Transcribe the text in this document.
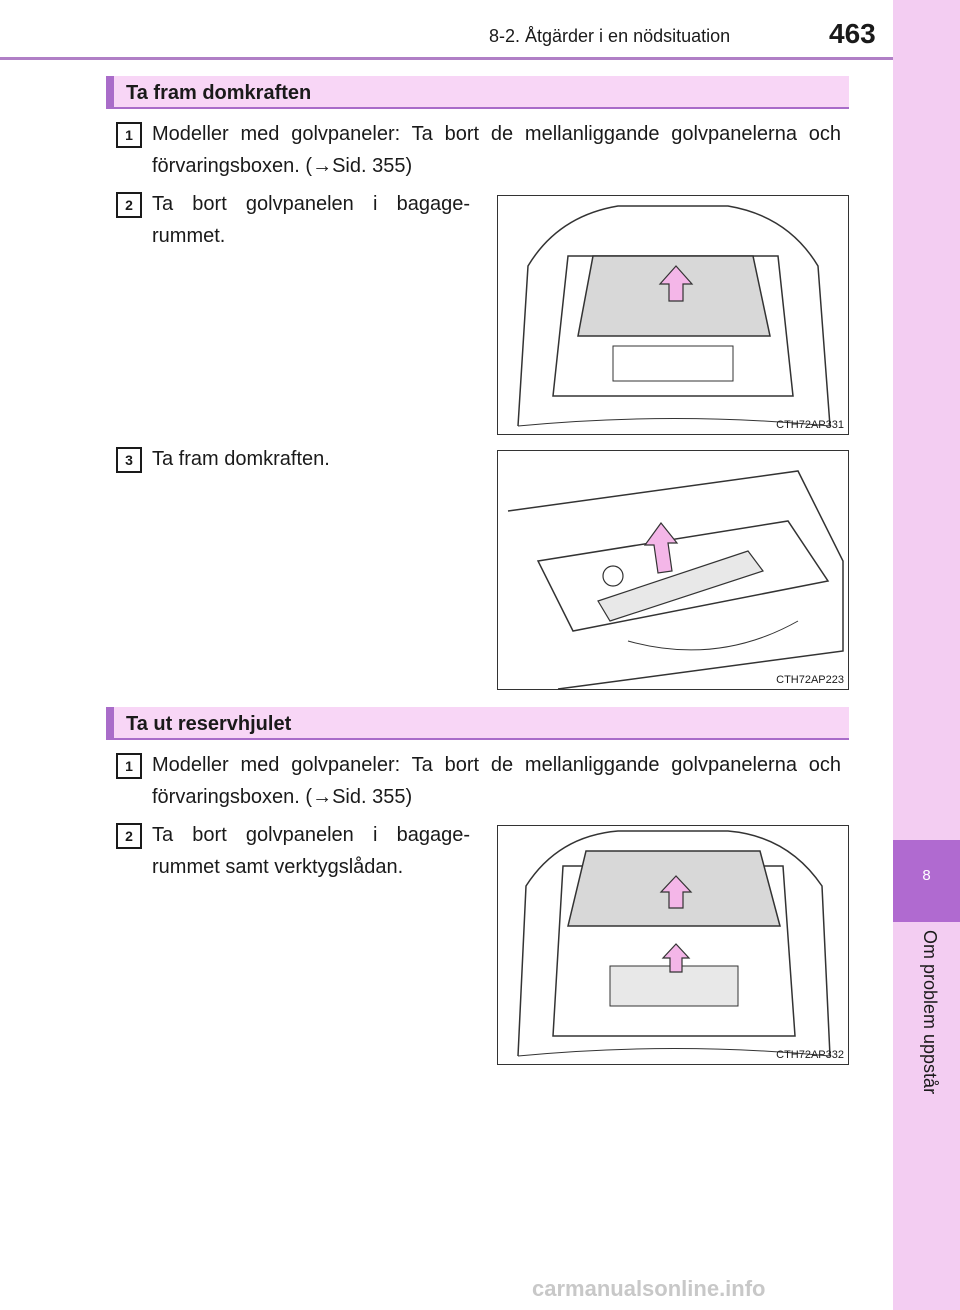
8-2. Åtgärder i en nödsituation	463
8
Om problem uppstår
Ta fram domkraften
1 Modeller med golvpaneler: Ta bort de mellanliggande golvpanelerna och förvaringsboxen. (→Sid. 355)
2 Ta bort golvpanelen i bagagerummet.
CTH72AP331
3 Ta fram domkraften.
CTH72AP223
Ta ut reservhjulet
1 Modeller med golvpaneler: Ta bort de mellanliggande golvpanelerna och förvaringsboxen. (→Sid. 355)
2 Ta bort golvpanelen i bagagerummet samt verktygslådan.
CTH72AP332
carmanualsonline.info
